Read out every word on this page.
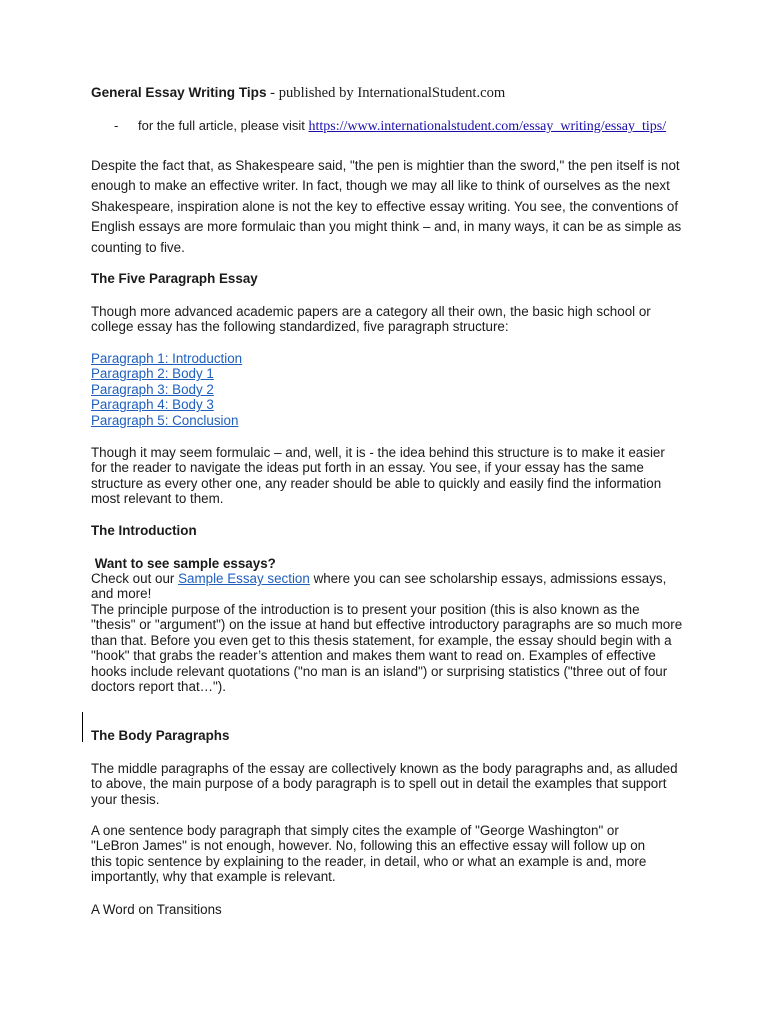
General Essay Writing Tips - published by InternationalStudent.com
- for the full article, please visit https://www.internationalstudent.com/essay_writing/essay_tips/
Despite the fact that, as Shakespeare said, "the pen is mightier than the sword," the pen itself is not enough to make an effective writer. In fact, though we may all like to think of ourselves as the next Shakespeare, inspiration alone is not the key to effective essay writing. You see, the conventions of English essays are more formulaic than you might think – and, in many ways, it can be as simple as counting to five.
The Five Paragraph Essay
Though more advanced academic papers are a category all their own, the basic high school or college essay has the following standardized, five paragraph structure:
Paragraph 1: Introduction
Paragraph 2: Body 1
Paragraph 3: Body 2
Paragraph 4: Body 3
Paragraph 5: Conclusion
Though it may seem formulaic – and, well, it is - the idea behind this structure is to make it easier for the reader to navigate the ideas put forth in an essay. You see, if your essay has the same structure as every other one, any reader should be able to quickly and easily find the information most relevant to them.
The Introduction
Want to see sample essays?
Check out our Sample Essay section where you can see scholarship essays, admissions essays, and more!
The principle purpose of the introduction is to present your position (this is also known as the "thesis" or "argument") on the issue at hand but effective introductory paragraphs are so much more than that. Before you even get to this thesis statement, for example, the essay should begin with a "hook" that grabs the reader’s attention and makes them want to read on. Examples of effective hooks include relevant quotations ("no man is an island") or surprising statistics ("three out of four doctors report that…").
The Body Paragraphs
The middle paragraphs of the essay are collectively known as the body paragraphs and, as alluded to above, the main purpose of a body paragraph is to spell out in detail the examples that support your thesis.
A one sentence body paragraph that simply cites the example of "George Washington" or "LeBron James" is not enough, however. No, following this an effective essay will follow up on this topic sentence by explaining to the reader, in detail, who or what an example is and, more importantly, why that example is relevant.
A Word on Transitions
